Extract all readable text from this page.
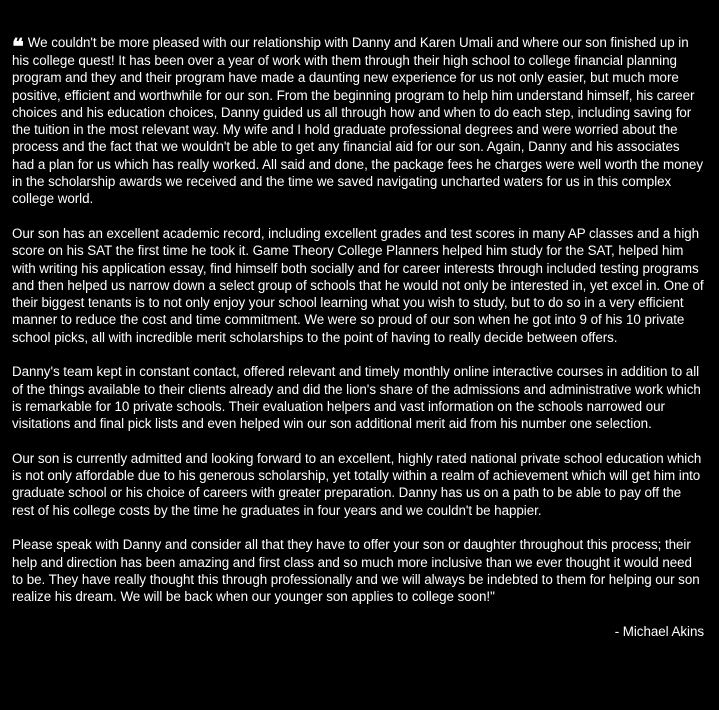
❝ We couldn't be more pleased with our relationship with Danny and Karen Umali and where our son finished up in his college quest! It has been over a year of work with them through their high school to college financial planning program and they and their program have made a daunting new experience for us not only easier, but much more positive, efficient and worthwhile for our son. From the beginning program to help him understand himself, his career choices and his education choices, Danny guided us all through how and when to do each step, including saving for the tuition in the most relevant way. My wife and I hold graduate professional degrees and were worried about the process and the fact that we wouldn't be able to get any financial aid for our son. Again, Danny and his associates had a plan for us which has really worked. All said and done, the package fees he charges were well worth the money in the scholarship awards we received and the time we saved navigating uncharted waters for us in this complex college world.

Our son has an excellent academic record, including excellent grades and test scores in many AP classes and a high score on his SAT the first time he took it. Game Theory College Planners helped him study for the SAT, helped him with writing his application essay, find himself both socially and for career interests through included testing programs and then helped us narrow down a select group of schools that he would not only be interested in, yet excel in. One of their biggest tenants is to not only enjoy your school learning what you wish to study, but to do so in a very efficient manner to reduce the cost and time commitment. We were so proud of our son when he got into 9 of his 10 private school picks, all with incredible merit scholarships to the point of having to really decide between offers.

Danny's team kept in constant contact, offered relevant and timely monthly online interactive courses in addition to all of the things available to their clients already and did the lion's share of the admissions and administrative work which is remarkable for 10 private schools. Their evaluation helpers and vast information on the schools narrowed our visitations and final pick lists and even helped win our son additional merit aid from his number one selection.

Our son is currently admitted and looking forward to an excellent, highly rated national private school education which is not only affordable due to his generous scholarship, yet totally within a realm of achievement which will get him into graduate school or his choice of careers with greater preparation. Danny has us on a path to be able to pay off the rest of his college costs by the time he graduates in four years and we couldn't be happier.

Please speak with Danny and consider all that they have to offer your son or daughter throughout this process; their help and direction has been amazing and first class and so much more inclusive than we ever thought it would need to be. They have really thought this through professionally and we will always be indebted to them for helping our son realize his dream. We will be back when our younger son applies to college soon!"

- Michael Akins
